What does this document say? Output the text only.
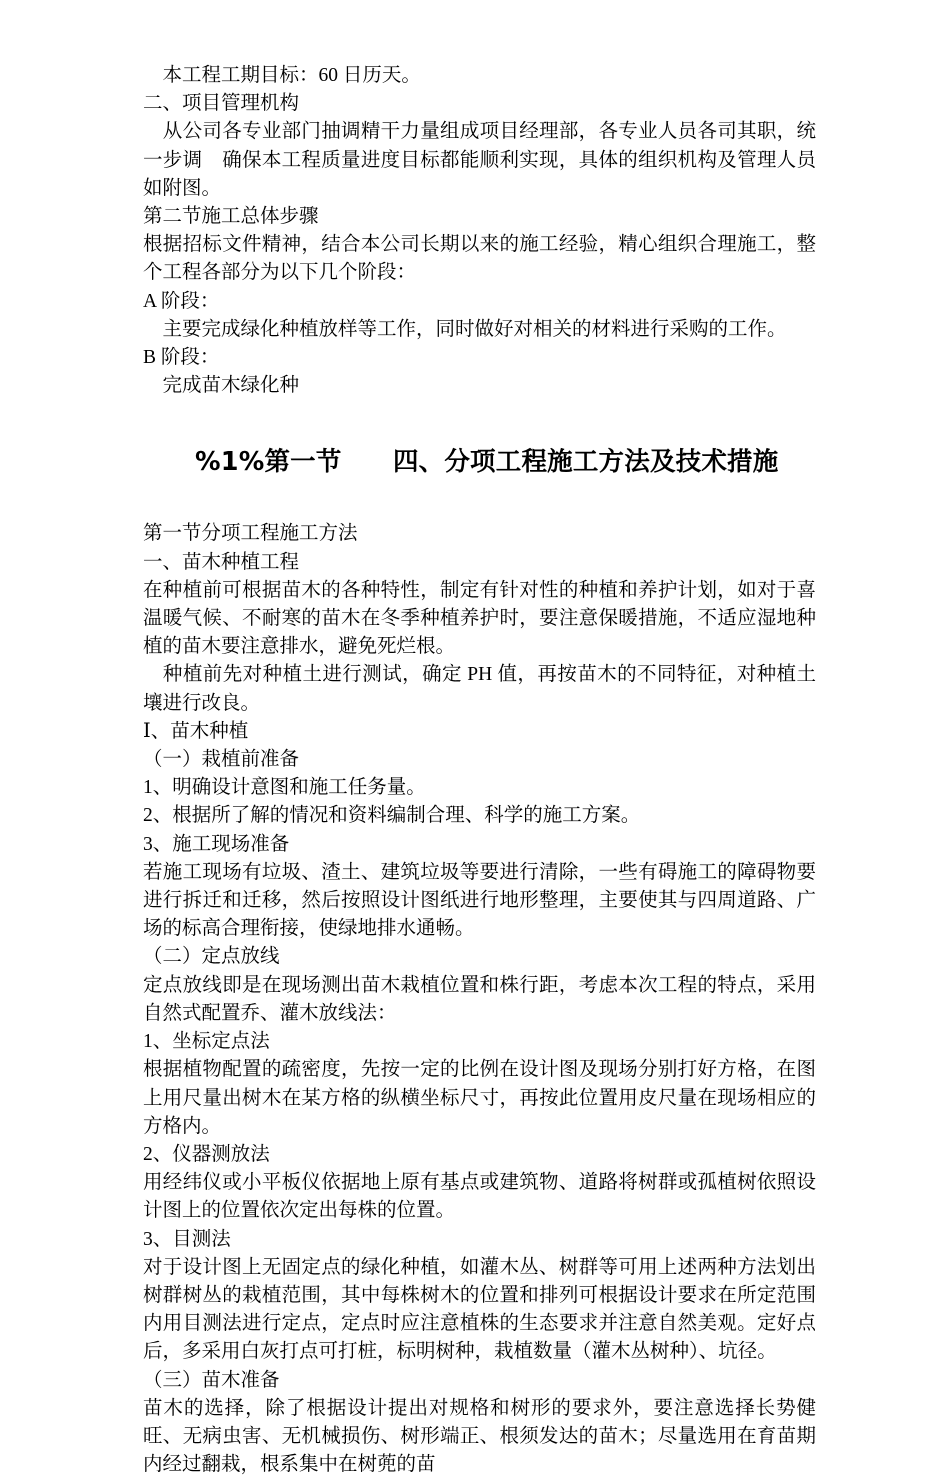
　本工程工期目标：60 日历天。

二、项目管理机构

　从公司各专业部门抽调精干力量组成项目经理部，各专业人员各司其职，统一步调　确保本工程质量进度目标都能顺利实现，具体的组织机构及管理人员如附图。

第二节施工总体步骤

根据招标文件精神，结合本公司长期以来的施工经验，精心组织合理施工，整个工程各部分为以下几个阶段：

A 阶段：

　主要完成绿化种植放样等工作，同时做好对相关的材料进行采购的工作。

B 阶段：

　完成苗木绿化种

%1%第一节　　四、分项工程施工方法及技术措施

第一节分项工程施工方法

一、苗木种植工程

在种植前可根据苗木的各种特性，制定有针对性的种植和养护计划，如对于喜温暖气候、不耐寒的苗木在冬季种植养护时，要注意保暖措施，不适应湿地种植的苗木要注意排水，避免死烂根。

　种植前先对种植土进行测试，确定 PH 值，再按苗木的不同特征，对种植土壤进行改良。

Ⅰ、苗木种植

（一）栽植前准备

1、明确设计意图和施工任务量。

2、根据所了解的情况和资料编制合理、科学的施工方案。

3、施工现场准备

若施工现场有垃圾、渣土、建筑垃圾等要进行清除，一些有碍施工的障碍物要进行拆迁和迁移，然后按照设计图纸进行地形整理，主要使其与四周道路、广场的标高合理衔接，使绿地排水通畅。

（二）定点放线

定点放线即是在现场测出苗木栽植位置和株行距，考虑本次工程的特点，采用自然式配置乔、灌木放线法：

1、坐标定点法

根据植物配置的疏密度，先按一定的比例在设计图及现场分别打好方格，在图上用尺量出树木在某方格的纵横坐标尺寸，再按此位置用皮尺量在现场相应的方格内。

2、仪器测放法

用经纬仪或小平板仪依据地上原有基点或建筑物、道路将树群或孤植树依照设计图上的位置依次定出每株的位置。

3、目测法

对于设计图上无固定点的绿化种植，如灌木丛、树群等可用上述两种方法划出树群树丛的栽植范围，其中每株树木的位置和排列可根据设计要求在所定范围内用目测法进行定点，定点时应注意植株的生态要求并注意自然美观。定好点后，多采用白灰打点可打桩，标明树种，栽植数量（灌木丛树种）、坑径。

（三）苗木准备

苗木的选择，除了根据设计提出对规格和树形的要求外，要注意选择长势健旺、无病虫害、无机械损伤、树形端正、根须发达的苗木；尽量选用在育苗期内经过翻栽，根系集中在树蔸的苗
